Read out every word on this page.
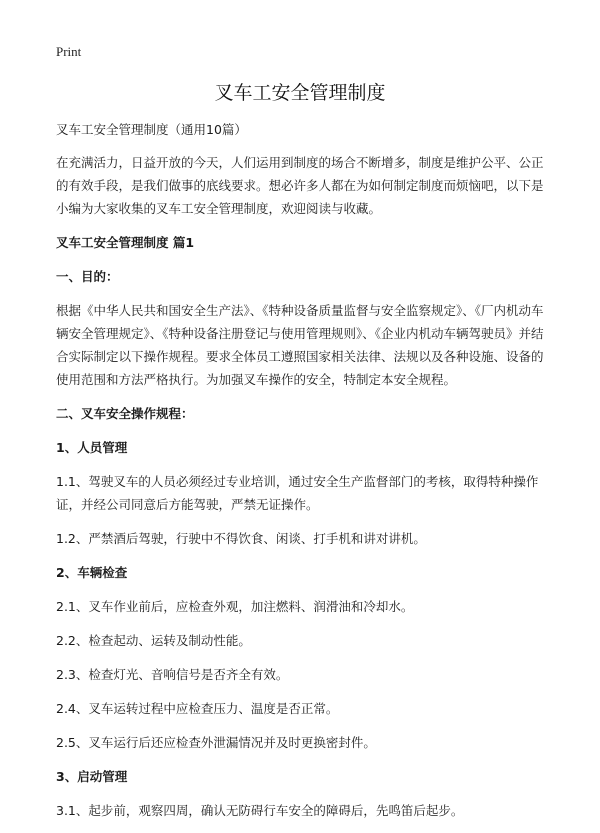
Print
叉车工安全管理制度

叉车工安全管理制度（通用10篇）

在充满活力，日益开放的今天，人们运用到制度的场合不断增多，制度是维护公平、公正的有效手段，是我们做事的底线要求。想必许多人都在为如何制定制度而烦恼吧，以下是小编为大家收集的叉车工安全管理制度，欢迎阅读与收藏。

叉车工安全管理制度 篇1

一、目的：

根据《中华人民共和国安全生产法》、《特种设备质量监督与安全监察规定》、《厂内机动车辆安全管理规定》、《特种设备注册登记与使用管理规则》、《企业内机动车辆驾驶员》并结合实际制定以下操作规程。要求全体员工遵照国家相关法律、法规以及各种设施、设备的使用范围和方法严格执行。为加强叉车操作的安全，特制定本安全规程。

二、叉车安全操作规程：

1、人员管理

1.1、驾驶叉车的人员必须经过专业培训，通过安全生产监督部门的考核，取得特种操作证，并经公司同意后方能驾驶，严禁无证操作。

1.2、严禁酒后驾驶，行驶中不得饮食、闲谈、打手机和讲对讲机。

2、车辆检查

2.1、叉车作业前后，应检查外观，加注燃料、润滑油和冷却水。

2.2、检查起动、运转及制动性能。

2.3、检查灯光、音响信号是否齐全有效。

2.4、叉车运转过程中应检查压力、温度是否正常。

2.5、叉车运行后还应检查外泄漏情况并及时更换密封件。

3、启动管理

3.1、起步前，观察四周，确认无防碍行车安全的障碍后，先鸣笛后起步。
